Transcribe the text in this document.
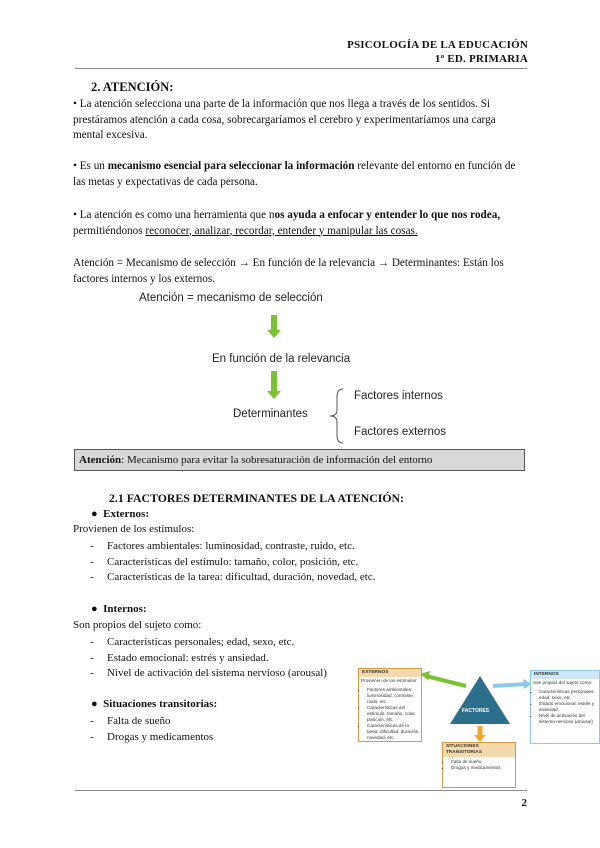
PSICOLOGÍA DE LA EDUCACIÓN
1º ED. PRIMARIA
2. ATENCIÓN:
• La atención selecciona una parte de la información que nos llega a través de los sentidos. Si prestáramos atención a cada cosa, sobrecargaríamos el cerebro y experimentaríamos una carga mental excesiva.
• Es un mecanismo esencial para seleccionar la información relevante del entorno en función de las metas y expectativas de cada persona.
• La atención es como una herramienta que nos ayuda a enfocar y entender lo que nos rodea, permitiéndonos reconocer, analizar, recordar, entender y manipular las cosas.
Atención = Mecanismo de selección → En función de la relevancia → Determinantes: Están los factores internos y los externos.
Atención = mecanismo de selección
En función de la relevancia
Determinantes
Factores internos
Factores externos
Atención: Mecanismo para evitar la sobresaturación de información del entorno
2.1 FACTORES DETERMINANTES DE LA ATENCIÓN:
● Externos:
Provienen de los estímulos:
- Factores ambientales: luminosidad, contraste, ruido, etc.
- Características del estímulo: tamaño, color, posición, etc.
- Características de la tarea: dificultad, duración, novedad, etc.
● Internos:
Son propios del sujeto como:
- Características personales; edad, sexo, etc.
- Estado emocional: estrés y ansiedad.
- Nivel de activación del sistema nervioso (arousal)
● Situaciones transitorias:
- Falta de sueño
- Drogas y medicamentos
FACTORES
EXTERNOS
Provienen de los estímulos:
• Factores ambientales: luminosidad, contraste, ruido, etc.
• Características del estímulo: tamaño, color, posición, etc.
• Características de la tarea: dificultad, duración, novedad, etc.
INTERNOS
Son propios del sujeto como:
• Características personales: edad, sexo, etc.
• Estado emocional: estrés y ansiedad.
• Nivel de activación del sistema nervioso (arousal)
SITUACIONES TRANSITORIAS
• Falta de sueño
• Drogas y medicamentos
2
